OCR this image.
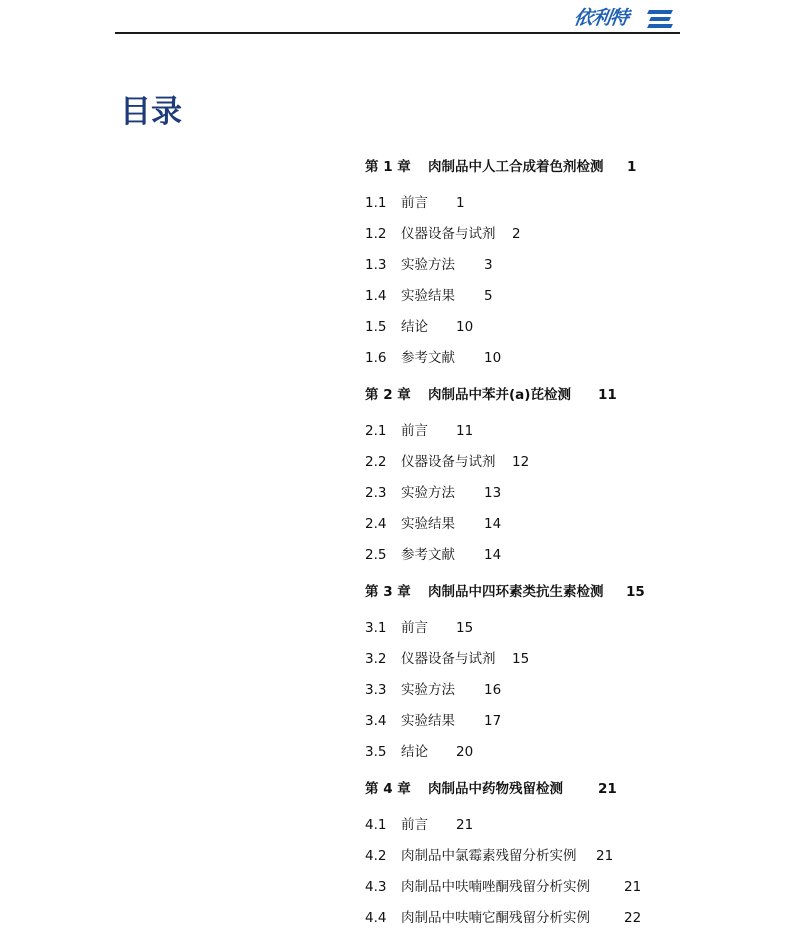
依利特
目录
第 1 章 肉制品中人工合成着色剂检测 1
1.1 前言 1
1.2 仪器设备与试剂 2
1.3 实验方法 3
1.4 实验结果 5
1.5 结论 10
1.6 参考文献 10
第 2 章 肉制品中苯并(a)芘检测 11
2.1 前言 11
2.2 仪器设备与试剂 12
2.3 实验方法 13
2.4 实验结果 14
2.5 参考文献 14
第 3 章 肉制品中四环素类抗生素检测 15
3.1 前言 15
3.2 仪器设备与试剂 15
3.3 实验方法 16
3.4 实验结果 17
3.5 结论 20
第 4 章 肉制品中药物残留检测	21
4.1 前言 21
4.2 肉制品中氯霉素残留分析实例 21
4.3 肉制品中呋喃唑酮残留分析实例	21
4.4 肉制品中呋喃它酮残留分析实例	22
